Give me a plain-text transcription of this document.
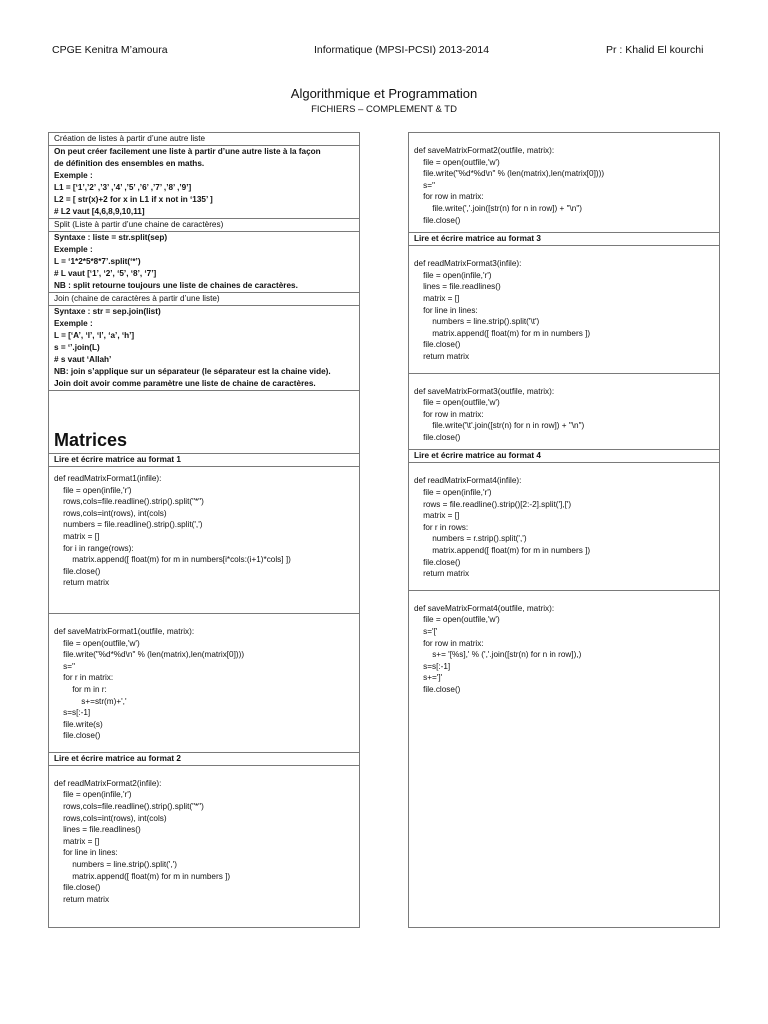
CPGE Kenitra M’amoura	Informatique (MPSI-PCSI) 2013-2014	Pr : Khalid El kourchi
Algorithmique et Programmation
FICHIERS – COMPLEMENT & TD
Création de listes à partir d’une autre liste
On peut créer facilement une liste à partir d’une autre liste à la façon
de définition des ensembles en maths.
Exemple :
L1 = [‘1’,’2’ ,’3’ ,’4’ ,’5’ ,’6’ ,’7’ ,’8’ ,’9’]
L2 = [ str(x)+2 for x in L1 if x not in ‘135’ ]
# L2 vaut [4,6,8,9,10,11]
Split (Liste à partir d’une chaine de caractères)
Syntaxe : liste = str.split(sep)
Exemple :
L = ‘1*2*5*8*7’.split(‘*’)
# L vaut [‘1’, ‘2’, ‘5’, ‘8’, ‘7’]
NB : split retourne toujours une liste de chaines de caractères.
Join (chaine de caractères à partir d’une liste)
Syntaxe : str = sep.join(list)
Exemple :
L = [‘A’, ‘l’, ‘l’, ‘a’, ‘h’]
s = ‘’.join(L)
# s vaut ‘Allah’
NB: join s’applique sur un séparateur (le séparateur est la chaine vide).
Join doit avoir comme paramètre une liste de chaine de caractères.
Matrices
Lire et écrire matrice au format 1
def readMatrixFormat1(infile):
file = open(infile,'r')
rows,cols=file.readline().strip().split("*")
rows,cols=int(rows), int(cols)
numbers = file.readline().strip().split(',')
matrix = []
for i in range(rows):
matrix.append([ float(m) for m in numbers[i*cols:(i+1)*cols] ])
file.close()
return matrix
def saveMatrixFormat1(outfile, matrix):
file = open(outfile,'w')
file.write("%d*%d\n" % (len(matrix),len(matrix[0])))
s=''
for r in matrix:
for m in r:
s+=str(m)+','
s=s[:-1]
file.write(s)
file.close()
Lire et écrire matrice au format 2
def readMatrixFormat2(infile):
file = open(infile,'r')
rows,cols=file.readline().strip().split("*")
rows,cols=int(rows), int(cols)
lines = file.readlines()
matrix = []
for line in lines:
numbers = line.strip().split(',')
matrix.append([ float(m) for m in numbers ])
file.close()
return matrix
def saveMatrixFormat2(outfile, matrix):
file = open(outfile,'w')
file.write("%d*%d\n" % (len(matrix),len(matrix[0])))
s=''
for row in matrix:
file.write(','.join([str(n) for n in row]) + "\n")
file.close()
Lire et écrire matrice au format 3
def readMatrixFormat3(infile):
file = open(infile,'r')
lines = file.readlines()
matrix = []
for line in lines:
numbers = line.strip().split('\t')
matrix.append([ float(m) for m in numbers ])
file.close()
return matrix
def saveMatrixFormat3(outfile, matrix):
file = open(outfile,'w')
for row in matrix:
file.write('\t'.join([str(n) for n in row]) + "\n")
file.close()
Lire et écrire matrice au format 4
def readMatrixFormat4(infile):
file = open(infile,'r')
rows = file.readline().strip()[2:-2].split('],[')
matrix = []
for r in rows:
numbers = r.strip().split(',')
matrix.append([ float(m) for m in numbers ])
file.close()
return matrix
def saveMatrixFormat4(outfile, matrix):
file = open(outfile,'w')
s='['
for row in matrix:
s+= '[%s],' % (','.join([str(n) for n in row]),)
s=s[:-1]
s+=']'
file.close()
